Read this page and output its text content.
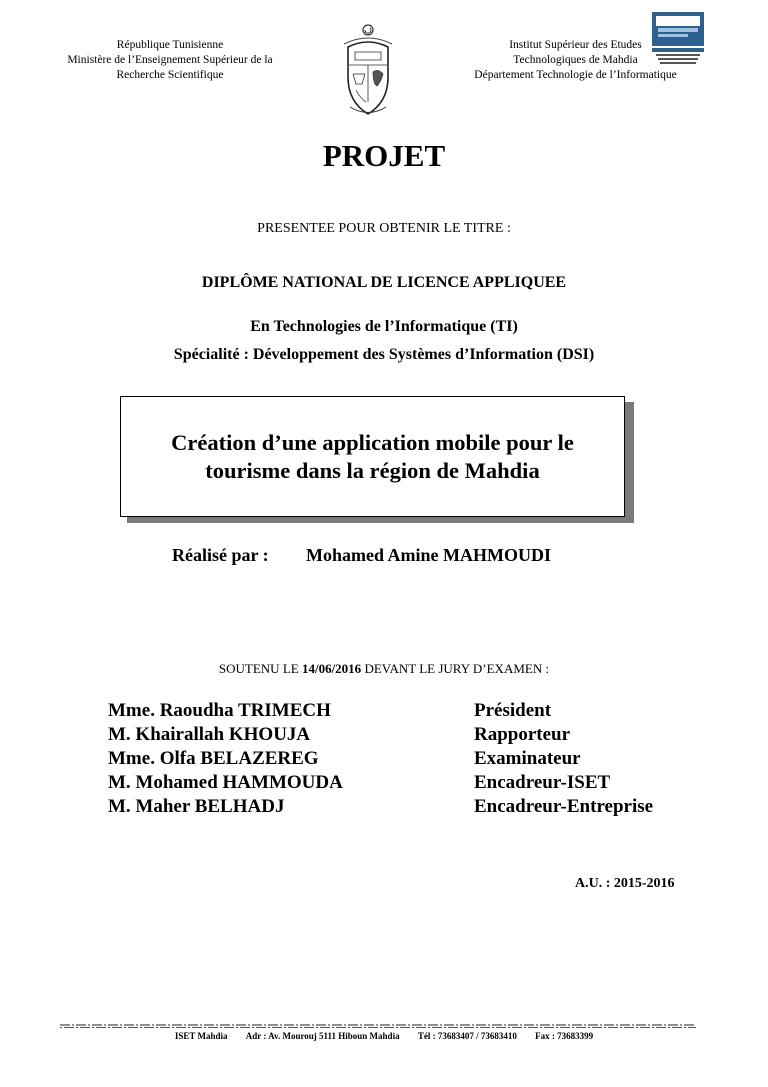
République Tunisienne
Ministère de l’Enseignement Supérieur de la
Recherche Scientifique
Institut Supérieur des Etudes
Technologiques de Mahdia
Département Technologie de l’Informatique
PROJET
PRESENTEE POUR OBTENIR LE TITRE :
DIPLÔME NATIONAL DE LICENCE APPLIQUEE
En Technologies de l’Informatique (TI)
Spécialité : Développement des Systèmes d’Information (DSI)
Création d’une application mobile pour le tourisme dans la région de Mahdia
Réalisé par : Mohamed Amine MAHMOUDI
SOUTENU LE 14/06/2016 DEVANT LE JURY D’EXAMEN :
Mme. Raoudha TRIMECH
M. Khairallah KHOUJA
Mme. Olfa BELAZEREG
M. Mohamed HAMMOUDA
M. Maher BELHADJ
Président
Rapporteur
Examinateur
Encadreur-ISET
Encadreur-Entreprise
A.U. : 2015-2016
ISET Mahdia Adr : Av. Mourouj 5111 Hiboun Mahdia Tél : 73683407 / 73683410 Fax : 73683399
